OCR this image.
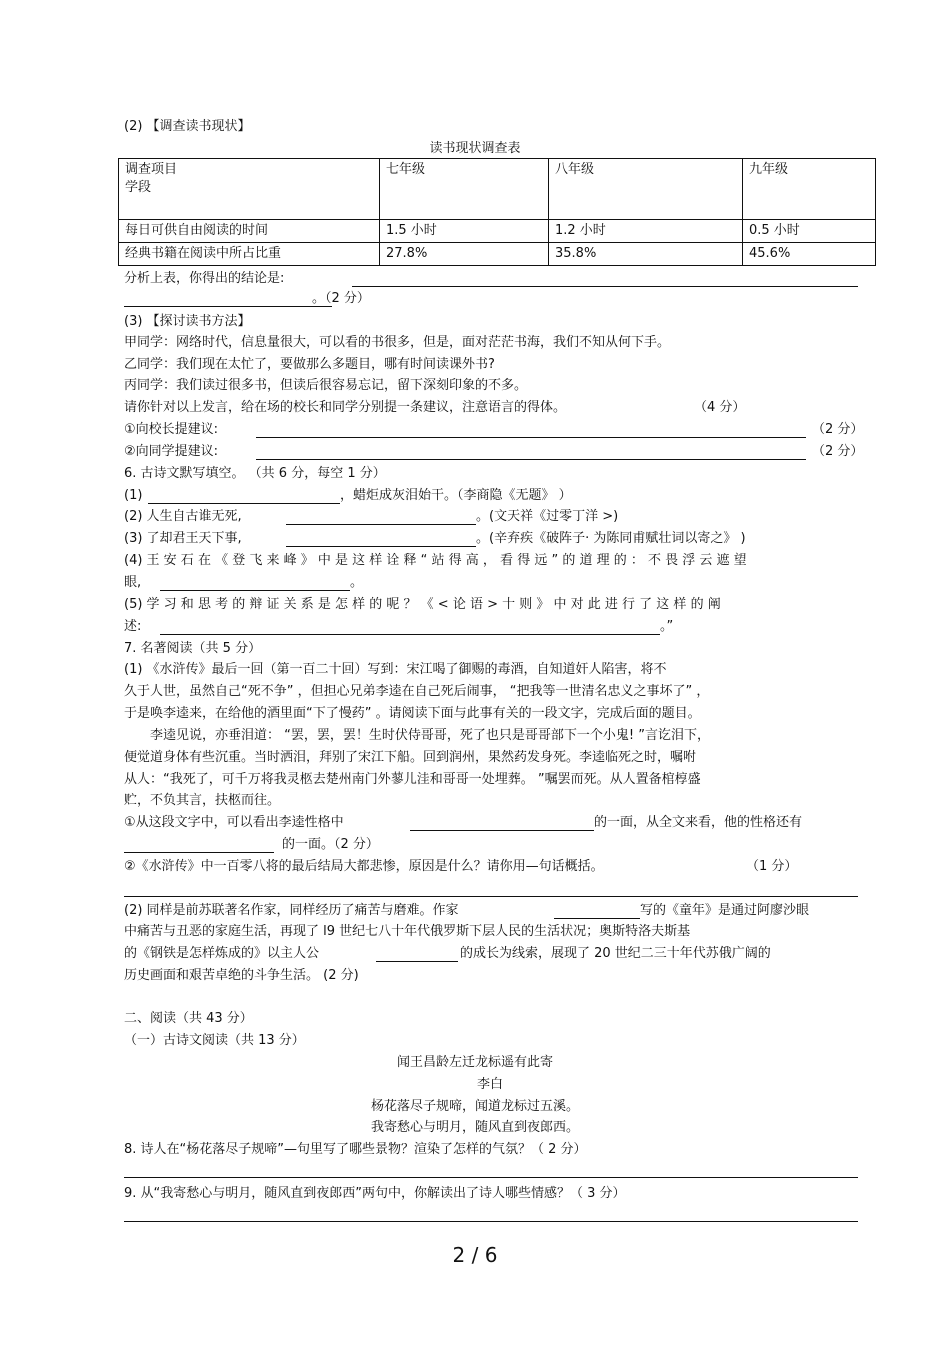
(2) 【调查读书现状】
读书现状调查表
调查项目
学段	七年级	八年级	九年级
每日可供自由阅读的时间	1.5 小时	1.2 小时	0.5 小时
经典书籍在阅读中所占比重	27.8%	35.8%	45.6%
分析上表，你得出的结论是:
。（2 分）
(3) 【探讨读书方法】
甲同学：网络时代，信息量很大，可以看的书很多，但是，面对茫茫书海，我们不知从何下手。
乙同学：我们现在太忙了，要做那么多题目，哪有时间读课外书?
丙同学：我们读过很多书，但读后很容易忘记，留下深刻印象的不多。
请你针对以上发言，给在场的校长和同学分别提一条建议，注意语言的得体。	（4 分）
①向校长提建议:	（2 分）
②向同学提建议:	（2 分）
6. 古诗文默写填空。 （共 6 分，每空 1 分）
(1)	，蜡炬成灰泪始干。（李商隐《无题》 ）
(2) 人生自古谁无死,	。(文天祥《过零丁洋 >)
(3) 了却君王天下事,	。(辛弃疾《破阵子· 为陈同甫赋壮词以寄之》 )
(4) 王 安 石 在 《 登 飞 来 峰 》 中 是 这 样 诠 释 “ 站 得 高 ， 看 得 远 ” 的 道 理 的 ： 不 畏 浮 云 遮 望
眼,	。
(5) 学 习 和 思 考 的 辩 证 关 系 是 怎 样 的 呢 ？ 《 < 论 语 > 十 则 》 中 对 此 进 行 了 这 样 的 阐
述:	。”
7. 名著阅读（共 5 分）
(1) 《水浒传》最后一回（第一百二十回）写到：宋江喝了御赐的毒酒，自知道奸人陷害，将不
久于人世，虽然自己“死不争” ，但担心兄弟李逵在自己死后闹事， “把我等一世清名忠义之事坏了” ，
于是唤李逵来，在给他的酒里面“下了慢药” 。请阅读下面与此事有关的一段文字，完成后面的题目。
李逵见说，亦垂泪道： “罢，罢，罢！生时伏侍哥哥，死了也只是哥哥部下一个小鬼! ”言讫泪下，
便觉道身体有些沉重。当时洒泪，拜别了宋江下船。回到润州，果然药发身死。李逵临死之时，嘱咐
从人：“我死了，可千万将我灵柩去楚州南门外蓼儿洼和哥哥一处埋葬。 ”嘱罢而死。从人置备棺椁盛
贮，不负其言，扶柩而往。
①从这段文字中，可以看出李逵性格中	的一面，从全文来看，他的性格还有
的一面。（2 分）
②《水浒传》中一百零八将的最后结局大都悲惨，原因是什么？请你用—句话概括。	（1 分）
(2) 同样是前苏联著名作家，同样经历了痛苦与磨难。作家	写的《童年》是通过阿廖沙眼
中痛苦与丑恶的家庭生活，再现了 l9 世纪七八十年代俄罗斯下层人民的生活状况；奥斯特洛夫斯基
的《钢铁是怎样炼成的》以主人公	的成长为线索，展现了 20 世纪二三十年代苏俄广阔的
历史画面和艰苦卓绝的斗争生活。 (2 分)
二、阅读（共 43 分）
（一）古诗文阅读（共 13 分）
闻王昌龄左迁龙标遥有此寄
李白
杨花落尽子规啼，闻道龙标过五溪。
我寄愁心与明月，随风直到夜郎西。
8. 诗人在“杨花落尽子规啼”—句里写了哪些景物？渲染了怎样的气氛？（ 2 分）
9. 从“我寄愁心与明月，随风直到夜郎西”两句中，你解读出了诗人哪些情感？（ 3 分）
2 / 6
